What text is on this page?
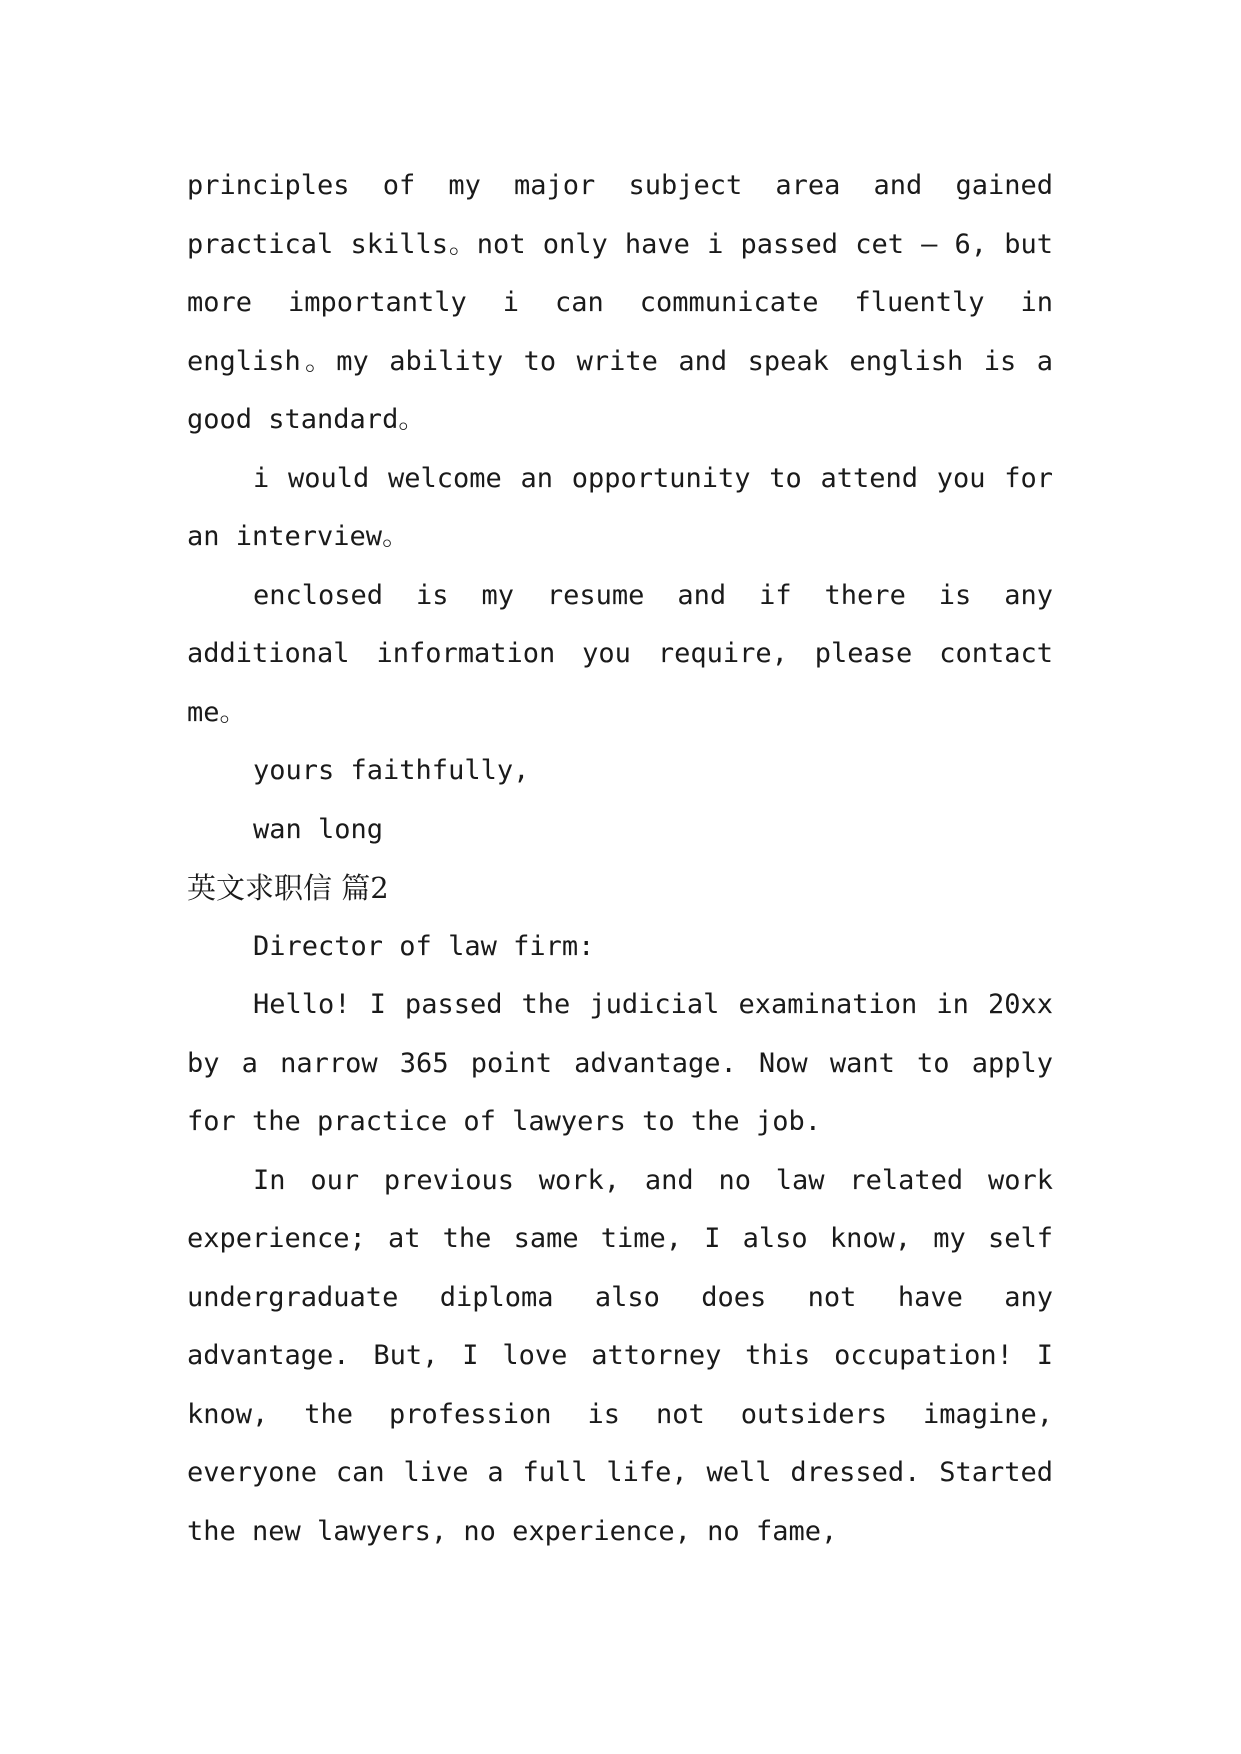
principles of my major subject area and gained practical skills。not only have i passed cet — 6, but more importantly i can communicate fluently in english。my ability to write and speak english is a good standard。

i would welcome an opportunity to attend you for an interview。

enclosed is my resume and if there is any additional information you require, please contact me。

yours faithfully,

wan long

英文求职信 篇2

Director of law firm:

Hello! I passed the judicial examination in 20xx by a narrow 365 point advantage. Now want to apply for the practice of lawyers to the job.

In our previous work, and no law related work experience; at the same time, I also know, my self undergraduate diploma also does not have any advantage. But, I love attorney this occupation! I know, the profession is not outsiders imagine, everyone can live a full life, well dressed. Started the new lawyers, no experience, no fame,
